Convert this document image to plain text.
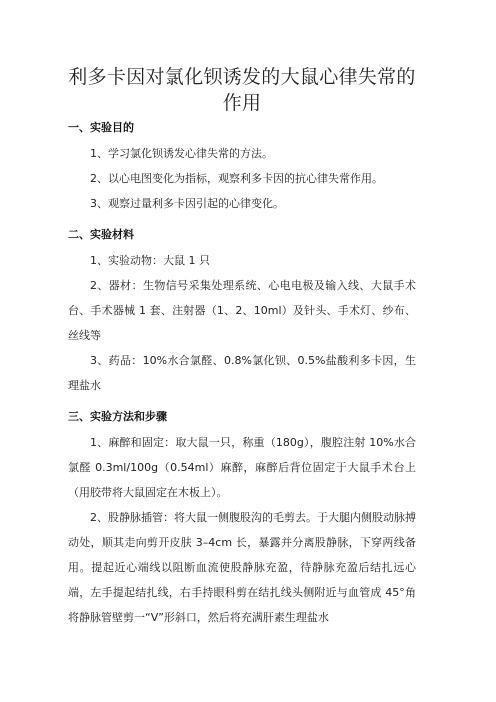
利多卡因对氯化钡诱发的大鼠心律失常的作用
一、实验目的

1、学习氯化钡诱发心律失常的方法。

2、以心电图变化为指标，观察利多卡因的抗心律失常作用。

3、观察过量利多卡因引起的心律变化。

二、实验材料

1、实验动物：大鼠 1 只

2、器材：生物信号采集处理系统、心电电极及输入线、大鼠手术台、手术器械 1 套、注射器（1、2、10ml）及针头、手术灯、纱布、丝线等

3、药品：10%水合氯醛、0.8%氯化钡、0.5%盐酸利多卡因，生理盐水

三、实验方法和步骤

1、麻醉和固定：取大鼠一只，称重（180g），腹腔注射 10%水合氯醛 0.3ml/100g（0.54ml）麻醉，麻醉后背位固定于大鼠手术台上（用胶带将大鼠固定在木板上）。

2、股静脉插管：将大鼠一侧腹股沟的毛剪去。于大腿内侧股动脉搏动处，顺其走向剪开皮肤 3–4cm 长，暴露并分离股静脉，下穿两线备用。提起近心端线以阻断血流使股静脉充盈，待静脉充盈后结扎远心端，左手提起结扎线，右手持眼科剪在结扎线头侧附近与血管成 45°角将静脉管壁剪一“V”形斜口，然后将充满肝素生理盐水
